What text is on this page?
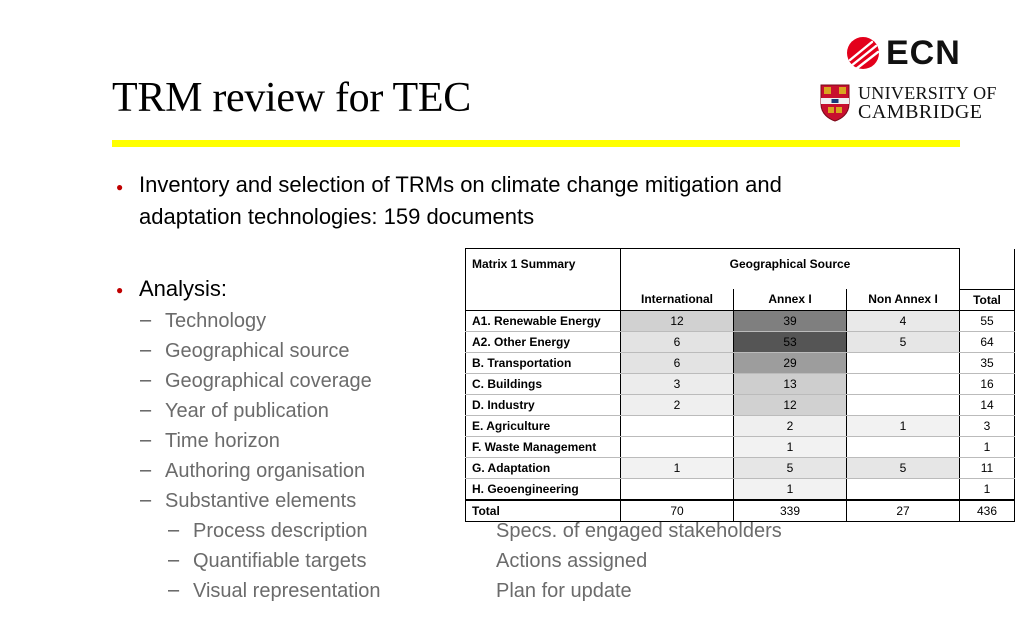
TRM review for TEC
ECN
UNIVERSITY OF
CAMBRIDGE
● Inventory and selection of TRMs on climate change mitigation and
adaptation technologies: 159 documents
● Analysis:
– Technology
– Geographical source
– Geographical coverage
– Year of publication
– Time horizon
– Authoring organisation
– Substantive elements
– Process description	Specs. of engaged stakeholders
– Quantifiable targets	Actions assigned
– Visual representation	Plan for update
Matrix 1 Summary	Geographical Source			
	International	Annex I	Non Annex I	Total
A1. Renewable Energy	12	39	4	55
A2. Other Energy	6	53	5	64
B. Transportation	6	29		35
C. Buildings	3	13		16
D. Industry	2	12		14
E. Agriculture		2	1	3
F. Waste Management		1		1
G. Adaptation	1	5	5	11
H. Geoengineering		1		1
Total	70	339	27	436
